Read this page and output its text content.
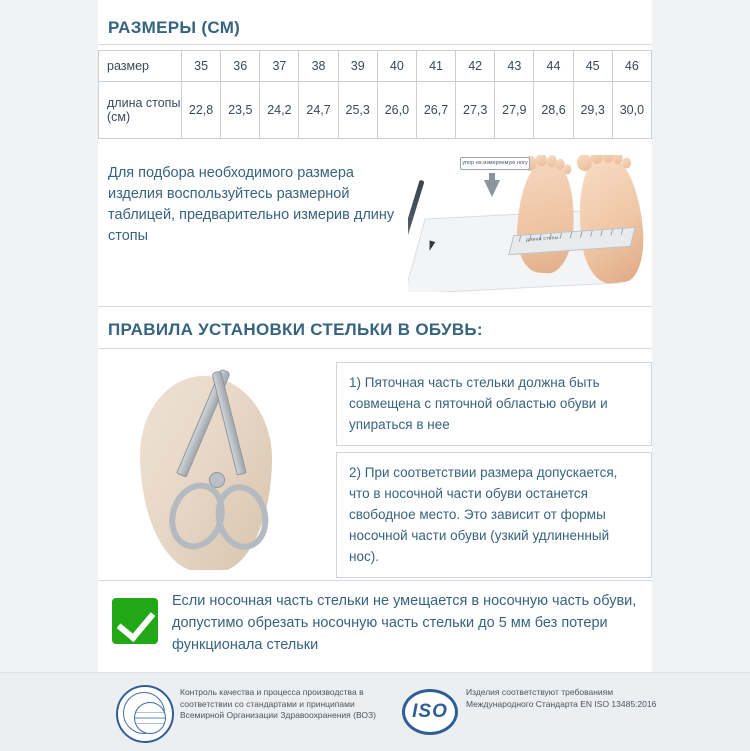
РАЗМЕРЫ (СМ)
размер	35	36	37	38	39	40	41	42	43	44	45	46
длина стопы (см)	22,8	23,5	24,2	24,7	25,3	26,0	26,7	27,3	27,9	28,6	29,3	30,0
Для подбора необходимого размера изделия воспользуйтесь размерной таблицей, предварительно измерив длину стопы
упор на измеряемую ногу
длина стопы
ПРАВИЛА УСТАНОВКИ СТЕЛЬКИ В ОБУВЬ:
1) Пяточная часть стельки должна быть совмещена с пяточной областью обуви и упираться в нее
2) При соответствии размера допускается, что в носочной части обуви останется свободное место. Это зависит от формы носочной части обуви (узкий удлиненный нос).
Если носочная часть стельки не умещается в носочную часть обуви, допустимо обрезать носочную часть стельки до 5 мм без потери функционала стельки
Контроль качества и процесса производства в соответствии со стандартами и принципами Всемирной Организации Здравоохранения (ВОЗ)	ISO
Изделия соответствуют требованиям Международного Стандарта EN ISO 13485:2016
